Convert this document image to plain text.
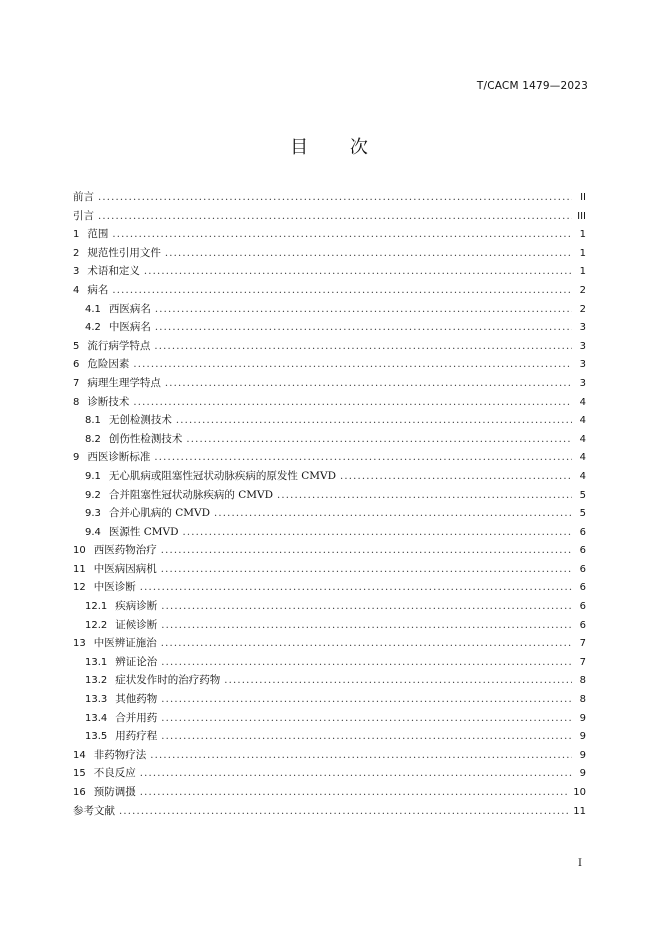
T/CACM 1479—2023
目 次
前言 .....	II
引言 .....	III
1 范围 .....	1
2 规范性引用文件 .....	1
3 术语和定义 .....	1
4 病名 .....	2
4.1 西医病名 .....	2
4.2 中医病名 .....	3
5 流行病学特点 .....	3
6 危险因素 .....	3
7 病理生理学特点 .....	3
8 诊断技术 .....	4
8.1 无创检测技术 .....	4
8.2 创伤性检测技术 .....	4
9 西医诊断标准 .....	4
9.1 无心肌病或阻塞性冠状动脉疾病的原发性 CMVD .....	4
9.2 合并阻塞性冠状动脉疾病的 CMVD .....	5
9.3 合并心肌病的 CMVD .....	5
9.4 医源性 CMVD .....	6
10 西医药物治疗 .....	6
11 中医病因病机 .....	6
12 中医诊断 .....	6
12.1 疾病诊断 .....	6
12.2 证候诊断 .....	6
13 中医辨证施治 .....	7
13.1 辨证论治 .....	7
13.2 症状发作时的治疗药物 .....	8
13.3 其他药物 .....	8
13.4 合并用药 .....	9
13.5 用药疗程 .....	9
14 非药物疗法 .....	9
15 不良反应 .....	9
16 预防调摄 .....	10
参考文献 .....	11
I
